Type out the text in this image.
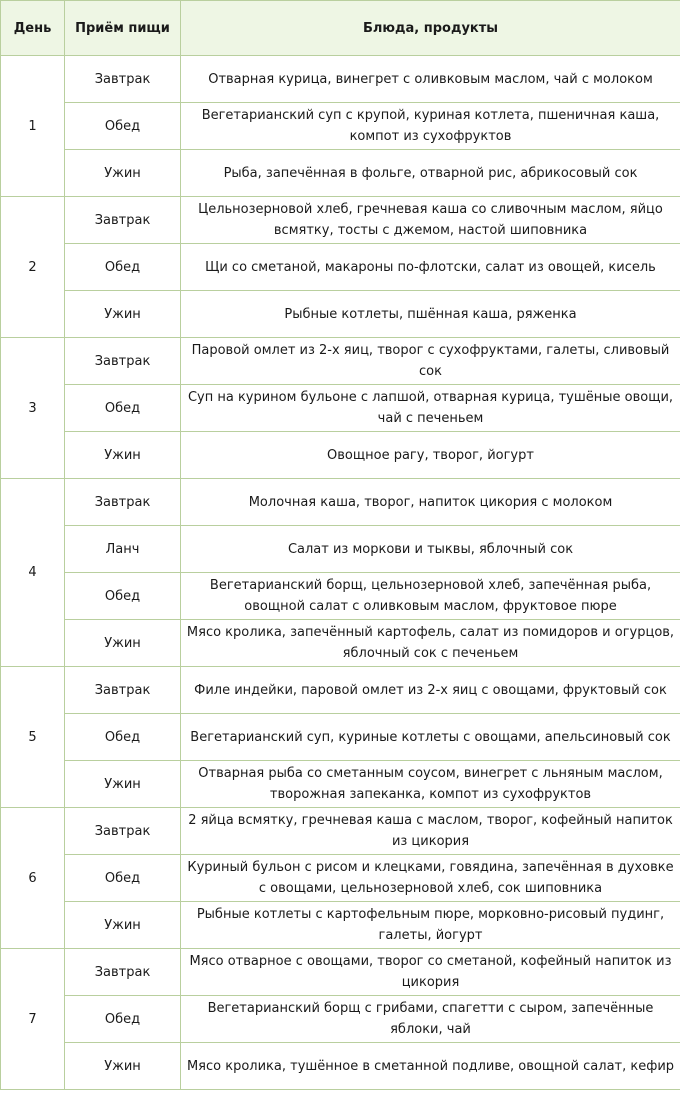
День	Приём пищи	Блюда, продукты
1	Завтрак	Отварная курица, винегрет с оливковым маслом, чай с молоком
	Обед	Вегетарианский суп с крупой, куриная котлета, пшеничная каша, компот из сухофруктов
	Ужин	Рыба, запечённая в фольге, отварной рис, абрикосовый сок
2	Завтрак	Цельнозерновой хлеб, гречневая каша со сливочным маслом, яйцо всмятку, тосты с джемом, настой шиповника
	Обед	Щи со сметаной, макароны по-флотски, салат из овощей, кисель
	Ужин	Рыбные котлеты, пшённая каша, ряженка
3	Завтрак	Паровой омлет из 2-х яиц, творог с сухофруктами, галеты, сливовый сок
	Обед	Суп на курином бульоне с лапшой, отварная курица, тушёные овощи, чай с печеньем
	Ужин	Овощное рагу, творог, йогурт
4	Завтрак	Молочная каша, творог, напиток цикория с молоком
	Ланч	Салат из моркови и тыквы, яблочный сок
	Обед	Вегетарианский борщ, цельнозерновой хлеб, запечённая рыба, овощной салат с оливковым маслом, фруктовое пюре
	Ужин	Мясо кролика, запечённый картофель, салат из помидоров и огурцов, яблочный сок с печеньем
5	Завтрак	Филе индейки, паровой омлет из 2-х яиц с овощами, фруктовый сок
	Обед	Вегетарианский суп, куриные котлеты с овощами, апельсиновый сок
	Ужин	Отварная рыба со сметанным соусом, винегрет с льняным маслом, творожная запеканка, компот из сухофруктов
6	Завтрак	2 яйца всмятку, гречневая каша с маслом, творог, кофейный напиток из цикория
	Обед	Куриный бульон с рисом и клецками, говядина, запечённая в духовке с овощами, цельнозерновой хлеб, сок шиповника
	Ужин	Рыбные котлеты с картофельным пюре, морковно-рисовый пудинг, галеты, йогурт
7	Завтрак	Мясо отварное с овощами, творог со сметаной, кофейный напиток из цикория
	Обед	Вегетарианский борщ с грибами, спагетти с сыром, запечённые яблоки, чай
	Ужин	Мясо кролика, тушённое в сметанной подливе, овощной салат, кефир
